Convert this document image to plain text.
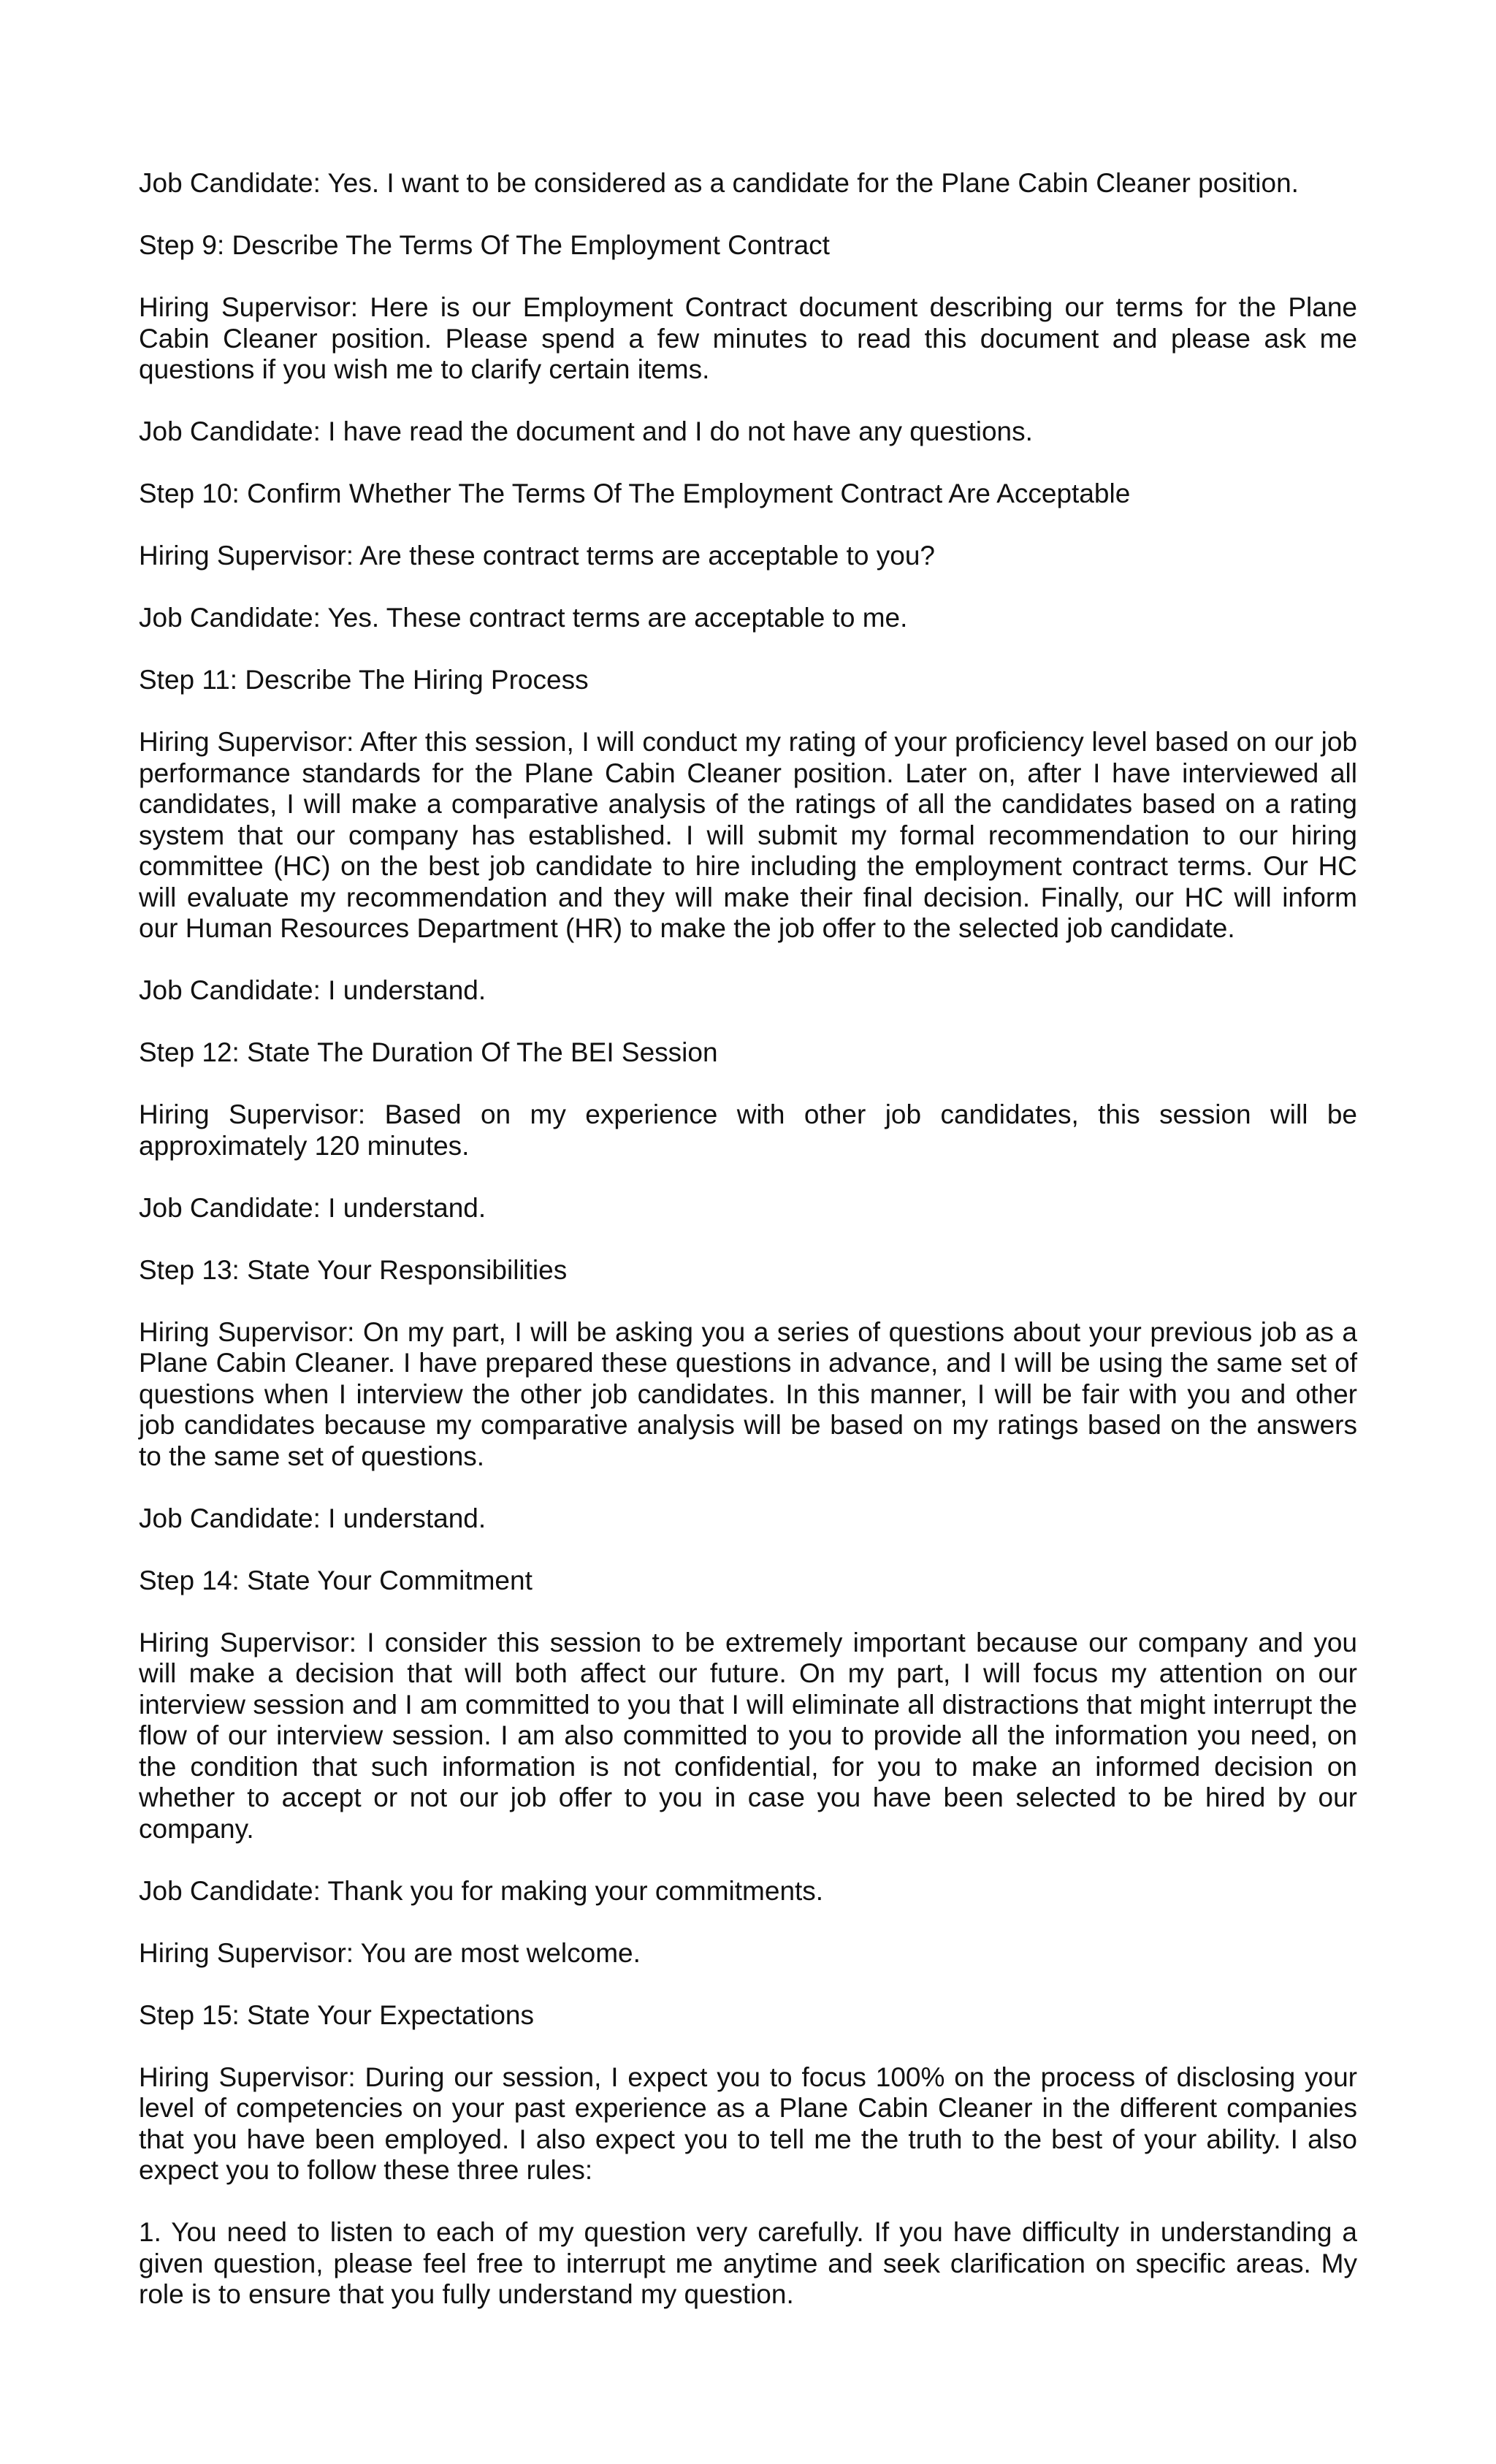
Job Candidate: Yes. I want to be considered as a candidate for the Plane Cabin Cleaner position.

Step 9: Describe The Terms Of The Employment Contract

Hiring Supervisor: Here is our Employment Contract document describing our terms for the Plane Cabin Cleaner position. Please spend a few minutes to read this document and please ask me questions if you wish me to clarify certain items.

Job Candidate: I have read the document and I do not have any questions.

Step 10: Confirm Whether The Terms Of The Employment Contract Are Acceptable

Hiring Supervisor: Are these contract terms are acceptable to you?

Job Candidate: Yes. These contract terms are acceptable to me.

Step 11: Describe The Hiring Process

Hiring Supervisor: After this session, I will conduct my rating of your proficiency level based on our job performance standards for the Plane Cabin Cleaner position. Later on, after I have interviewed all candidates, I will make a comparative analysis of the ratings of all the candidates based on a rating system that our company has established. I will submit my formal recommendation to our hiring committee (HC) on the best job candidate to hire including the employment contract terms. Our HC will evaluate my recommendation and they will make their final decision. Finally, our HC will inform our Human Resources Department (HR) to make the job offer to the selected job candidate.

Job Candidate: I understand.

Step 12: State The Duration Of The BEI Session

Hiring Supervisor: Based on my experience with other job candidates, this session will be approximately 120 minutes.

Job Candidate: I understand.

Step 13: State Your Responsibilities

Hiring Supervisor: On my part, I will be asking you a series of questions about your previous job as a Plane Cabin Cleaner. I have prepared these questions in advance, and I will be using the same set of questions when I interview the other job candidates. In this manner, I will be fair with you and other job candidates because my comparative analysis will be based on my ratings based on the answers to the same set of questions.

Job Candidate: I understand.

Step 14: State Your Commitment

Hiring Supervisor: I consider this session to be extremely important because our company and you will make a decision that will both affect our future. On my part, I will focus my attention on our interview session and I am committed to you that I will eliminate all distractions that might interrupt the flow of our interview session. I am also committed to you to provide all the information you need, on the condition that such information is not confidential, for you to make an informed decision on whether to accept or not our job offer to you in case you have been selected to be hired by our company.

Job Candidate: Thank you for making your commitments.

Hiring Supervisor: You are most welcome.

Step 15: State Your Expectations

Hiring Supervisor: During our session, I expect you to focus 100% on the process of disclosing your level of competencies on your past experience as a Plane Cabin Cleaner in the different companies that you have been employed. I also expect you to tell me the truth to the best of your ability. I also expect you to follow these three rules:

1. You need to listen to each of my question very carefully. If you have difficulty in understanding a given question, please feel free to interrupt me anytime and seek clarification on specific areas. My role is to ensure that you fully understand my question.
